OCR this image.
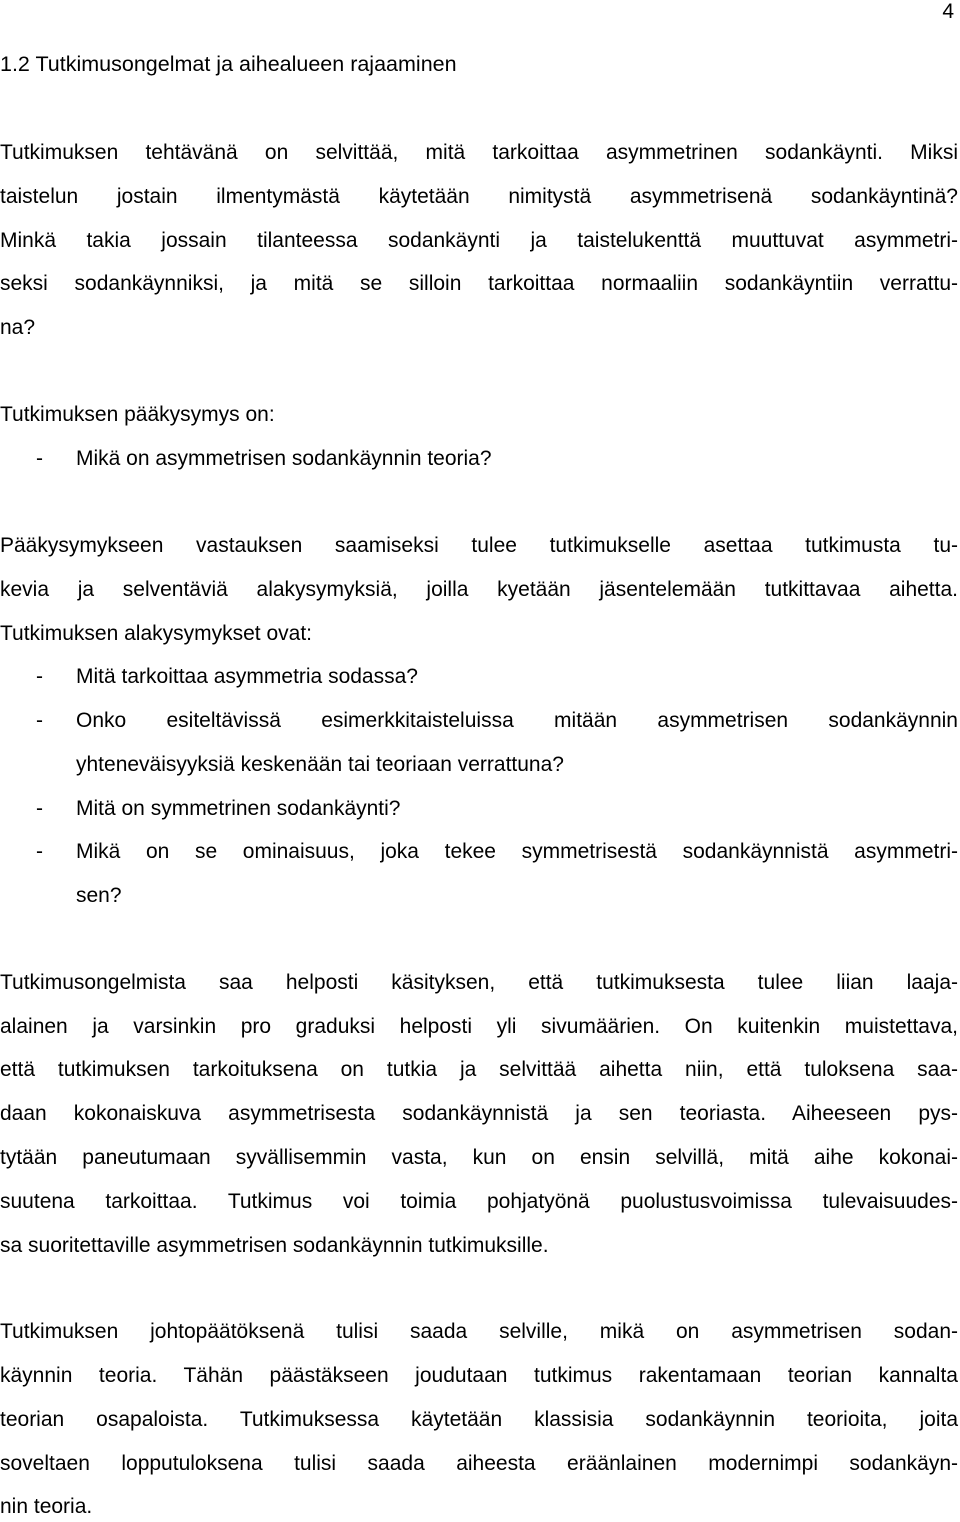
4
1.2 Tutkimusongelmat ja aihealueen rajaaminen
Tutkimuksen tehtävänä on selvittää, mitä tarkoittaa asymmetrinen sodankäynti. Miksi
taistelun jostain ilmentymästä käytetään nimitystä asymmetrisenä sodankäyntinä?
Minkä takia jossain tilanteessa sodankäynti ja taistelukenttä muuttuvat asymmetri-
seksi sodankäynniksi, ja mitä se silloin tarkoittaa normaaliin sodankäyntiin verrattu-
na?
Tutkimuksen pääkysymys on:
- Mikä on asymmetrisen sodankäynnin teoria?
Pääkysymykseen vastauksen saamiseksi tulee tutkimukselle asettaa tutkimusta tu-
kevia ja selventäviä alakysymyksiä, joilla kyetään jäsentelemään tutkittavaa aihetta.
Tutkimuksen alakysymykset ovat:
- Mitä tarkoittaa asymmetria sodassa?
- Onko esiteltävissä esimerkkitaisteluissa mitään asymmetrisen sodankäynnin
yhteneväisyyksiä keskenään tai teoriaan verrattuna?
- Mitä on symmetrinen sodankäynti?
- Mikä on se ominaisuus, joka tekee symmetrisestä sodankäynnistä asymmetri-
sen?
Tutkimusongelmista saa helposti käsityksen, että tutkimuksesta tulee liian laaja-
alainen ja varsinkin pro graduksi helposti yli sivumäärien. On kuitenkin muistettava,
että tutkimuksen tarkoituksena on tutkia ja selvittää aihetta niin, että tuloksena saa-
daan kokonaiskuva asymmetrisesta sodankäynnistä ja sen teoriasta. Aiheeseen pys-
tytään paneutumaan syvällisemmin vasta, kun on ensin selvillä, mitä aihe kokonai-
suutena tarkoittaa. Tutkimus voi toimia pohjatyönä puolustusvoimissa tulevaisuudes-
sa suoritettaville asymmetrisen sodankäynnin tutkimuksille.
Tutkimuksen johtopäätöksenä tulisi saada selville, mikä on asymmetrisen sodan-
käynnin teoria. Tähän päästäkseen joudutaan tutkimus rakentamaan teorian kannalta
teorian osapaloista. Tutkimuksessa käytetään klassisia sodankäynnin teorioita, joita
soveltaen lopputuloksena tulisi saada aiheesta eräänlainen modernimpi sodankäyn-
nin teoria.
